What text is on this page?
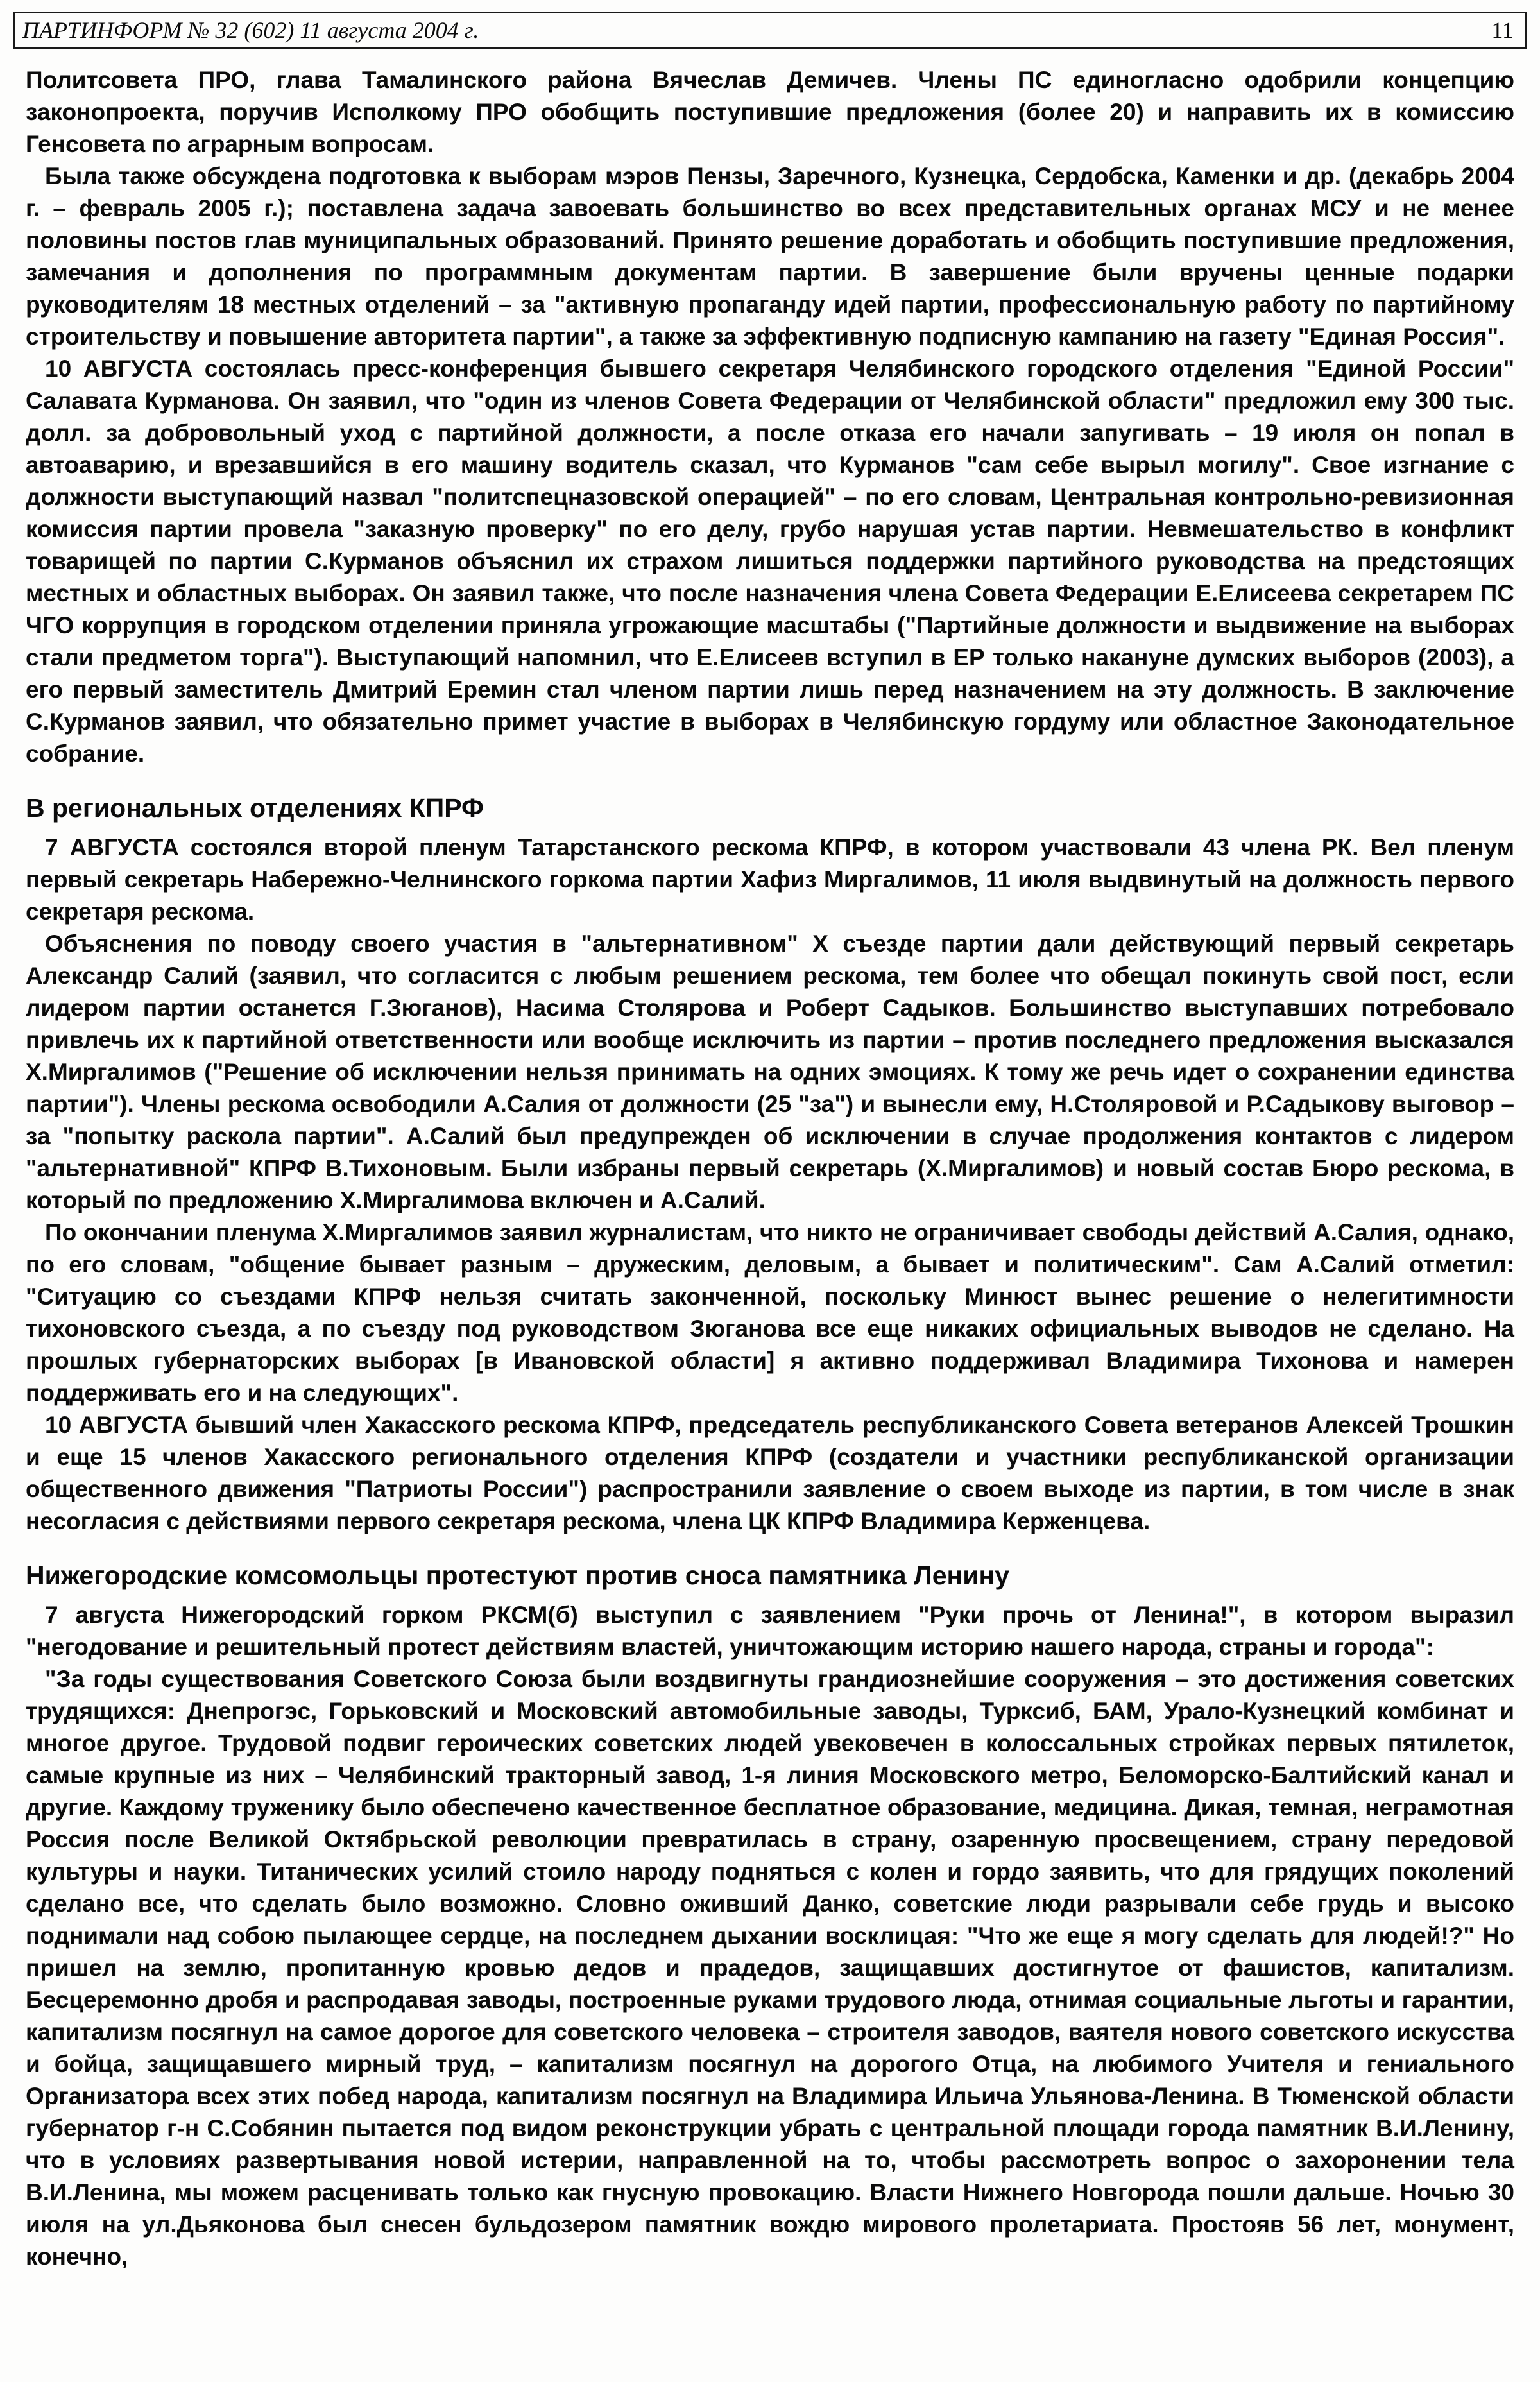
ПАРТИНФОРМ № 32 (602) 11 августа 2004 г.	11

Политсовета ПРО, глава Тамалинского района Вячеслав Демичев. Члены ПС единогласно одобрили концепцию законопроекта, поручив Исполкому ПРО обобщить поступившие предложения (более 20) и направить их в комиссию Генсовета по аграрным вопросам.

Была также обсуждена подготовка к выборам мэров Пензы, Заречного, Кузнецка, Сердобска, Каменки и др. (декабрь 2004 г. – февраль 2005 г.); поставлена задача завоевать большинство во всех представительных органах МСУ и не менее половины постов глав муниципальных образований. Принято решение доработать и обобщить поступившие предложения, замечания и дополнения по программным документам партии. В завершение были вручены ценные подарки руководителям 18 местных отделений – за "активную пропаганду идей партии, профессиональную работу по партийному строительству и повышение авторитета партии", а также за эффективную подписную кампанию на газету "Единая Россия".

10 АВГУСТА состоялась пресс-конференция бывшего секретаря Челябинского городского отделения "Единой России" Салавата Курманова. Он заявил, что "один из членов Совета Федерации от Челябинской области" предложил ему 300 тыс. долл. за добровольный уход с партийной должности, а после отказа его начали запугивать – 19 июля он попал в автоаварию, и врезавшийся в его машину водитель сказал, что Курманов "сам себе вырыл могилу". Свое изгнание с должности выступающий назвал "политспецназовской операцией" – по его словам, Центральная контрольно-ревизионная комиссия партии провела "заказную проверку" по его делу, грубо нарушая устав партии. Невмешательство в конфликт товарищей по партии С.Курманов объяснил их страхом лишиться поддержки партийного руководства на предстоящих местных и областных выборах. Он заявил также, что после назначения члена Совета Федерации Е.Елисеева секретарем ПС ЧГО коррупция в городском отделении приняла угрожающие масштабы ("Партийные должности и выдвижение на выборах стали предметом торга"). Выступающий напомнил, что Е.Елисеев вступил в ЕР только накануне думских выборов (2003), а его первый заместитель Дмитрий Еремин стал членом партии лишь перед назначением на эту должность. В заключение С.Курманов заявил, что обязательно примет участие в выборах в Челябинскую гордуму или областное Законодательное собрание.

В региональных отделениях КПРФ

7 АВГУСТА состоялся второй пленум Татарстанского рескома КПРФ, в котором участвовали 43 члена РК. Вел пленум первый секретарь Набережно-Челнинского горкома партии Хафиз Миргалимов, 11 июля выдвинутый на должность первого секретаря рескома.

Объяснения по поводу своего участия в "альтернативном" X съезде партии дали действующий первый секретарь Александр Салий (заявил, что согласится с любым решением рескома, тем более что обещал покинуть свой пост, если лидером партии останется Г.Зюганов), Насима Столярова и Роберт Садыков. Большинство выступавших потребовало привлечь их к партийной ответственности или вообще исключить из партии – против последнего предложения высказался Х.Миргалимов ("Решение об исключении нельзя принимать на одних эмоциях. К тому же речь идет о сохранении единства партии"). Члены рескома освободили А.Салия от должности (25 "за") и вынесли ему, Н.Столяровой и Р.Садыкову выговор – за "попытку раскола партии". А.Салий был предупрежден об исключении в случае продолжения контактов с лидером "альтернативной" КПРФ В.Тихоновым. Были избраны первый секретарь (Х.Миргалимов) и новый состав Бюро рескома, в который по предложению Х.Миргалимова включен и А.Салий.

По окончании пленума Х.Миргалимов заявил журналистам, что никто не ограничивает свободы действий А.Салия, однако, по его словам, "общение бывает разным – дружеским, деловым, а бывает и политическим". Сам А.Салий отметил: "Ситуацию со съездами КПРФ нельзя считать законченной, поскольку Минюст вынес решение о нелегитимности тихоновского съезда, а по съезду под руководством Зюганова все еще никаких официальных выводов не сделано. На прошлых губернаторских выборах [в Ивановской области] я активно поддерживал Владимира Тихонова и намерен поддерживать его и на следующих".

10 АВГУСТА бывший член Хакасского рескома КПРФ, председатель республиканского Совета ветеранов Алексей Трошкин и еще 15 членов Хакасского регионального отделения КПРФ (создатели и участники республиканской организации общественного движения "Патриоты России") распространили заявление о своем выходе из партии, в том числе в знак несогласия с действиями первого секретаря рескома, члена ЦК КПРФ Владимира Керженцева.

Нижегородские комсомольцы протестуют против сноса памятника Ленину

7 августа Нижегородский горком РКСМ(б) выступил с заявлением "Руки прочь от Ленина!", в котором выразил "негодование и решительный протест действиям властей, уничтожающим историю нашего народа, страны и города":

"За годы существования Советского Союза были воздвигнуты грандиознейшие сооружения – это достижения советских трудящихся: Днепрогэс, Горьковский и Московский автомобильные заводы, Турксиб, БАМ, Урало-Кузнецкий комбинат и многое другое. Трудовой подвиг героических советских людей увековечен в колоссальных стройках первых пятилеток, самые крупные из них – Челябинский тракторный завод, 1-я линия Московского метро, Беломорско-Балтийский канал и другие. Каждому труженику было обеспечено качественное бесплатное образование, медицина. Дикая, темная, неграмотная Россия после Великой Октябрьской революции превратилась в страну, озаренную просвещением, страну передовой культуры и науки. Титанических усилий стоило народу подняться с колен и гордо заявить, что для грядущих поколений сделано все, что сделать было возможно. Словно оживший Данко, советские люди разрывали себе грудь и высоко поднимали над собою пылающее сердце, на последнем дыхании восклицая: "Что же еще я могу сделать для людей!?" Но пришел на землю, пропитанную кровью дедов и прадедов, защищавших достигнутое от фашистов, капитализм. Бесцеремонно дробя и распродавая заводы, построенные руками трудового люда, отнимая социальные льготы и гарантии, капитализм посягнул на самое дорогое для советского человека – строителя заводов, ваятеля нового советского искусства и бойца, защищавшего мирный труд, – капитализм посягнул на дорогого Отца, на любимого Учителя и гениального Организатора всех этих побед народа, капитализм посягнул на Владимира Ильича Ульянова-Ленина. В Тюменской области губернатор г-н С.Собянин пытается под видом реконструкции убрать с центральной площади города памятник В.И.Ленину, что в условиях развертывания новой истерии, направленной на то, чтобы рассмотреть вопрос о захоронении тела В.И.Ленина, мы можем расценивать только как гнусную провокацию. Власти Нижнего Новгорода пошли дальше. Ночью 30 июля на ул.Дьяконова был снесен бульдозером памятник вождю мирового пролетариата. Простояв 56 лет, монумент, конечно,
